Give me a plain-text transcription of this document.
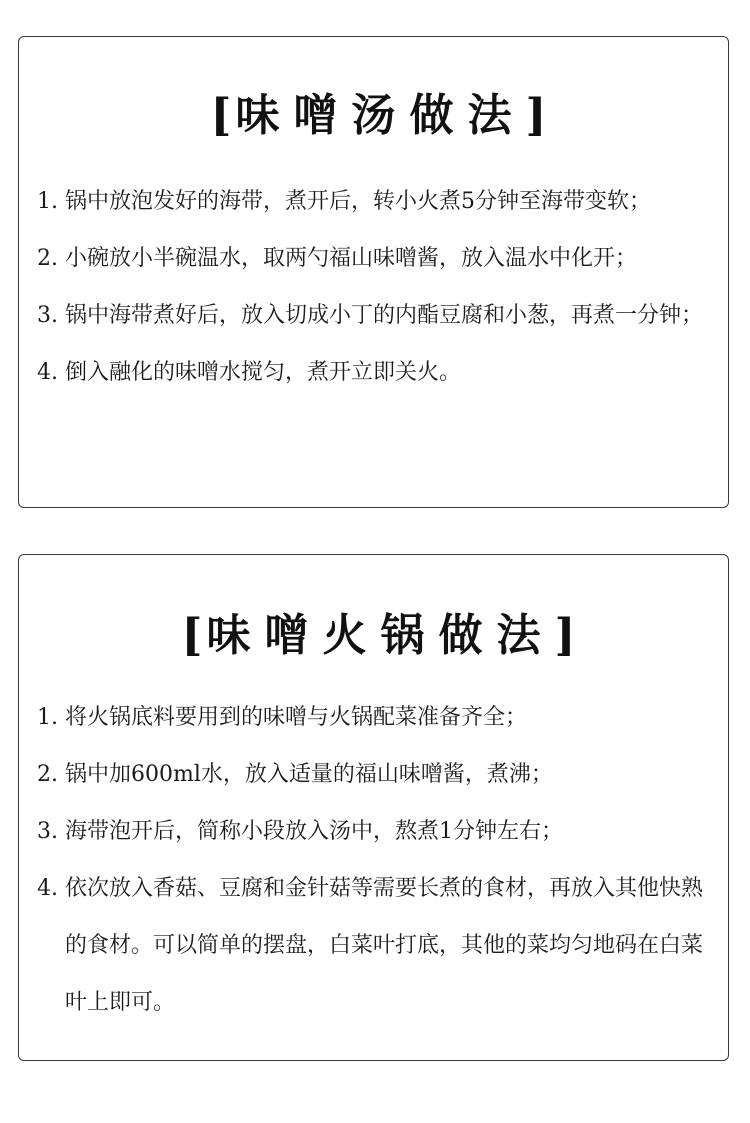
[味噌汤做法]
1. 锅中放泡发好的海带，煮开后，转小火煮5分钟至海带变软；
2. 小碗放小半碗温水，取两勺福山味噌酱，放入温水中化开；
3. 锅中海带煮好后，放入切成小丁的内酯豆腐和小葱，再煮一分钟；
4. 倒入融化的味噌水搅匀，煮开立即关火。
[味噌火锅做法]
1. 将火锅底料要用到的味噌与火锅配菜准备齐全；
2. 锅中加600ml水，放入适量的福山味噌酱，煮沸；
3. 海带泡开后，简称小段放入汤中，熬煮1分钟左右；
4. 依次放入香菇、豆腐和金针菇等需要长煮的食材，再放入其他快熟的食材。可以简单的摆盘，白菜叶打底，其他的菜均匀地码在白菜叶上即可。
